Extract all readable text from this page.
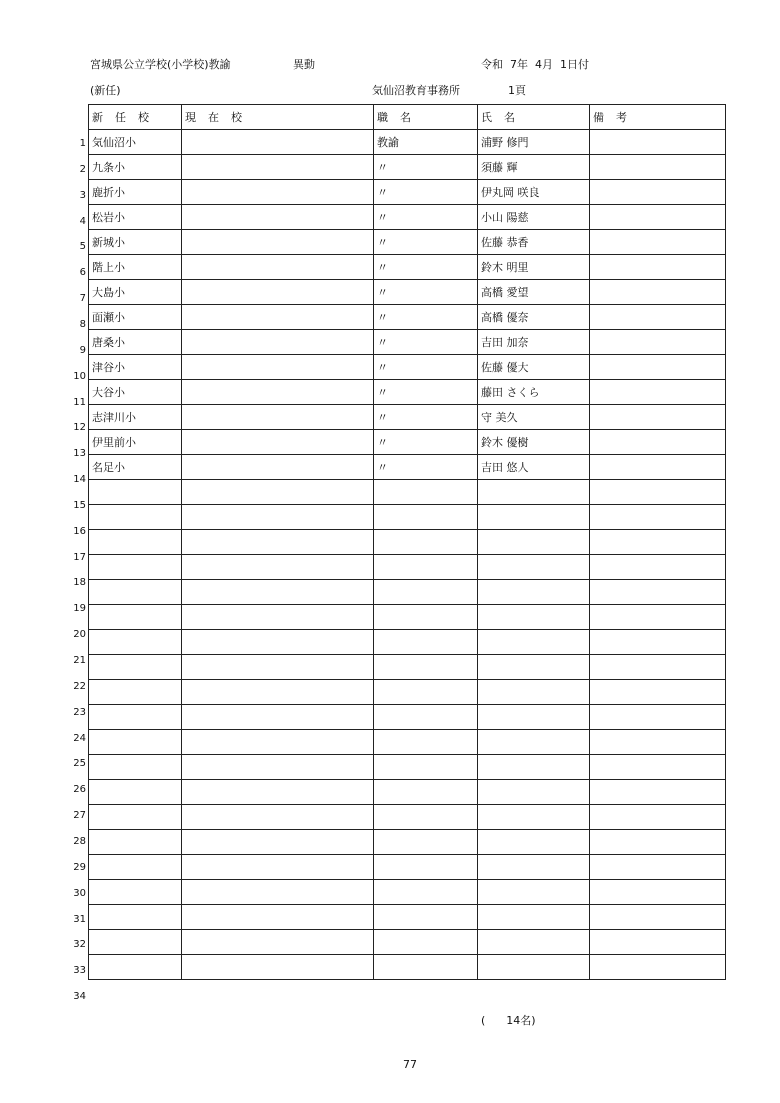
宮城県公立学校(小学校)教諭	異動	令和  7年  4月  1日付
(新任)	気仙沼教育事務所	1頁
1
2
3
4
5
6
7
8
9
10
11
12
13
14
15
16
17
18
19
20
21
22
23
24
25
26
27
28
29
30
31
32
33
34
新任校	現在校	職名	氏名	備考
気仙沼小		教諭	浦野 修門	
九条小		〃	須藤 輝	
鹿折小		〃	伊丸岡 咲良	
松岩小		〃	小山 陽慈	
新城小		〃	佐藤 恭香	
階上小		〃	鈴木 明里	
大島小		〃	高橋 愛望	
面瀬小		〃	高橋 優奈	
唐桑小		〃	吉田 加奈	
津谷小		〃	佐藤 優大	
大谷小		〃	藤田 さくら	
志津川小		〃	守 美久	
伊里前小		〃	鈴木 優樹	
名足小		〃	吉田 悠人	

(      14名)
77
